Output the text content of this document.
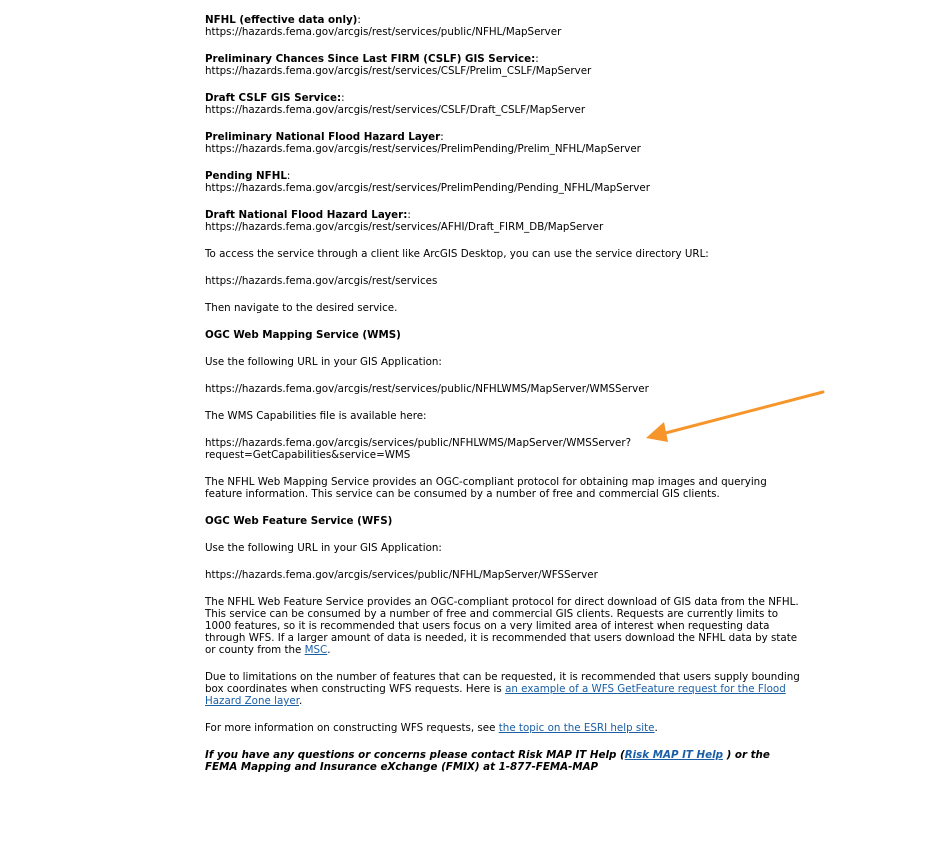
NFHL (effective data only):
https://hazards.fema.gov/arcgis/rest/services/public/NFHL/MapServer
Preliminary Chances Since Last FIRM (CSLF) GIS Service::
https://hazards.fema.gov/arcgis/rest/services/CSLF/Prelim_CSLF/MapServer
Draft CSLF GIS Service::
https://hazards.fema.gov/arcgis/rest/services/CSLF/Draft_CSLF/MapServer
Preliminary National Flood Hazard Layer:
https://hazards.fema.gov/arcgis/rest/services/PrelimPending/Prelim_NFHL/MapServer
Pending NFHL:
https://hazards.fema.gov/arcgis/rest/services/PrelimPending/Pending_NFHL/MapServer
Draft National Flood Hazard Layer::
https://hazards.fema.gov/arcgis/rest/services/AFHI/Draft_FIRM_DB/MapServer

To access the service through a client like ArcGIS Desktop, you can use the service directory URL:

https://hazards.fema.gov/arcgis/rest/services

Then navigate to the desired service.

OGC Web Mapping Service (WMS)

Use the following URL in your GIS Application:

https://hazards.fema.gov/arcgis/rest/services/public/NFHLWMS/MapServer/WMSServer

The WMS Capabilities file is available here:

https://hazards.fema.gov/arcgis/services/public/NFHLWMS/MapServer/WMSServer?
request=GetCapabilities&service=WMS

The NFHL Web Mapping Service provides an OGC-compliant protocol for obtaining map images and querying feature information. This service can be consumed by a number of free and commercial GIS clients.

OGC Web Feature Service (WFS)

Use the following URL in your GIS Application:

https://hazards.fema.gov/arcgis/services/public/NFHL/MapServer/WFSServer

The NFHL Web Feature Service provides an OGC-compliant protocol for direct download of GIS data from the NFHL. This service can be consumed by a number of free and commercial GIS clients. Requests are currently limits to 1000 features, so it is recommended that users focus on a very limited area of interest when requesting data through WFS. If a larger amount of data is needed, it is recommended that users download the NFHL data by state or county from the MSC.

Due to limitations on the number of features that can be requested, it is recommended that users supply bounding box coordinates when constructing WFS requests. Here is an example of a WFS GetFeature request for the Flood Hazard Zone layer.

For more information on constructing WFS requests, see the topic on the ESRI help site.

If you have any questions or concerns please contact Risk MAP IT Help (Risk MAP IT Help ) or the FEMA Mapping and Insurance eXchange (FMIX) at 1-877-FEMA-MAP
